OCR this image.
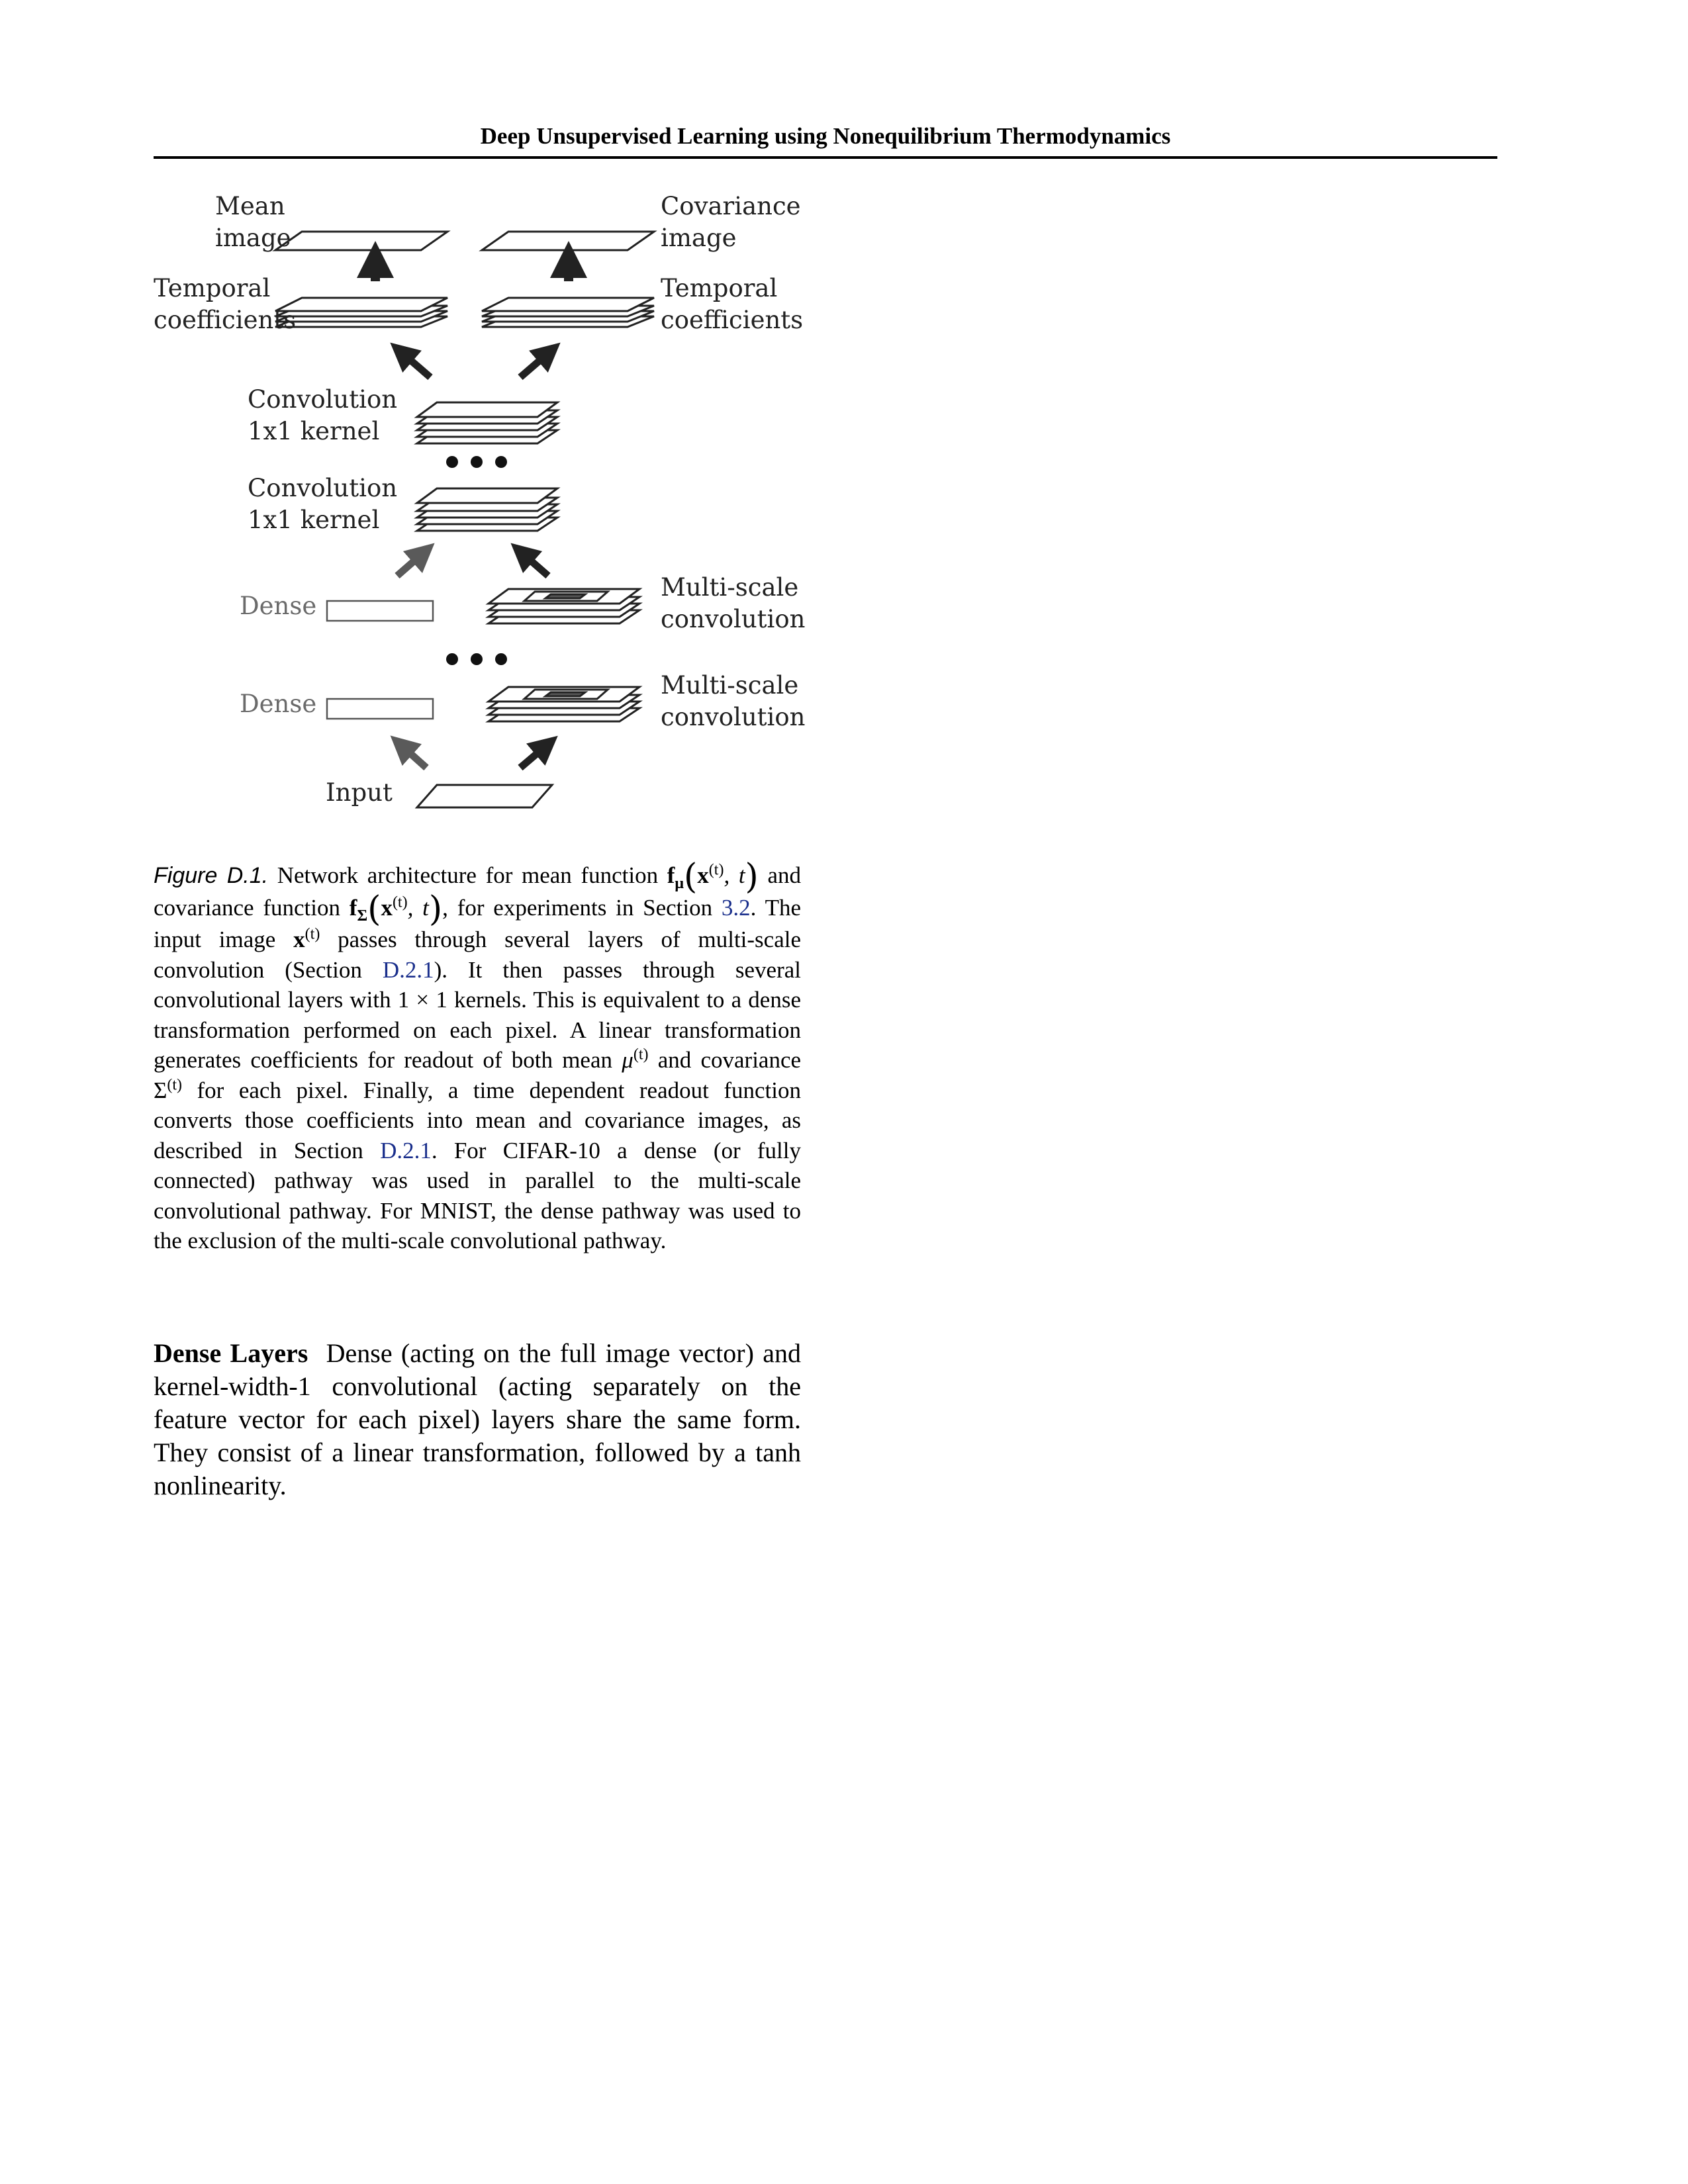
Deep Unsupervised Learning using Nonequilibrium Thermodynamics
Mean
image
Covariance
image
Temporal
coefficients
Temporal
coefficients
Convolution
1x1 kernel
Convolution
1x1 kernel
Dense
Dense
Multi-scale
convolution
Multi-scale
convolution
Input
Figure D.1. Network architecture for mean function $f_\mu(x^{(t)}$, t) and covariance function $f_\Sigma(x^{(t)}$, t), for experiments in Section 3.2. The input image $x^{(t)}$ passes through several layers of multi-scale convolution (Section D.2.1). It then passes through several convolutional layers with 1 × 1 kernels. This is equivalent to a dense transformation performed on each pixel. A linear transformation generates coefficients for readout of both mean $\mu^{(t)}$ and covariance $\Sigma^{(t)}$ for each pixel. Finally, a time dependent readout function converts those coefficients into mean and covariance images, as described in Section D.2.1. For CIFAR-10 a dense (or fully connected) pathway was used in parallel to the multi-scale convolutional pathway. For MNIST, the dense pathway was used to the exclusion of the multi-scale convolutional pathway.
Dense Layers Dense (acting on the full image vector) and kernel-width-1 convolutional (acting separately on the feature vector for each pixel) layers share the same form. They consist of a linear transformation, followed by a tanh nonlinearity.
